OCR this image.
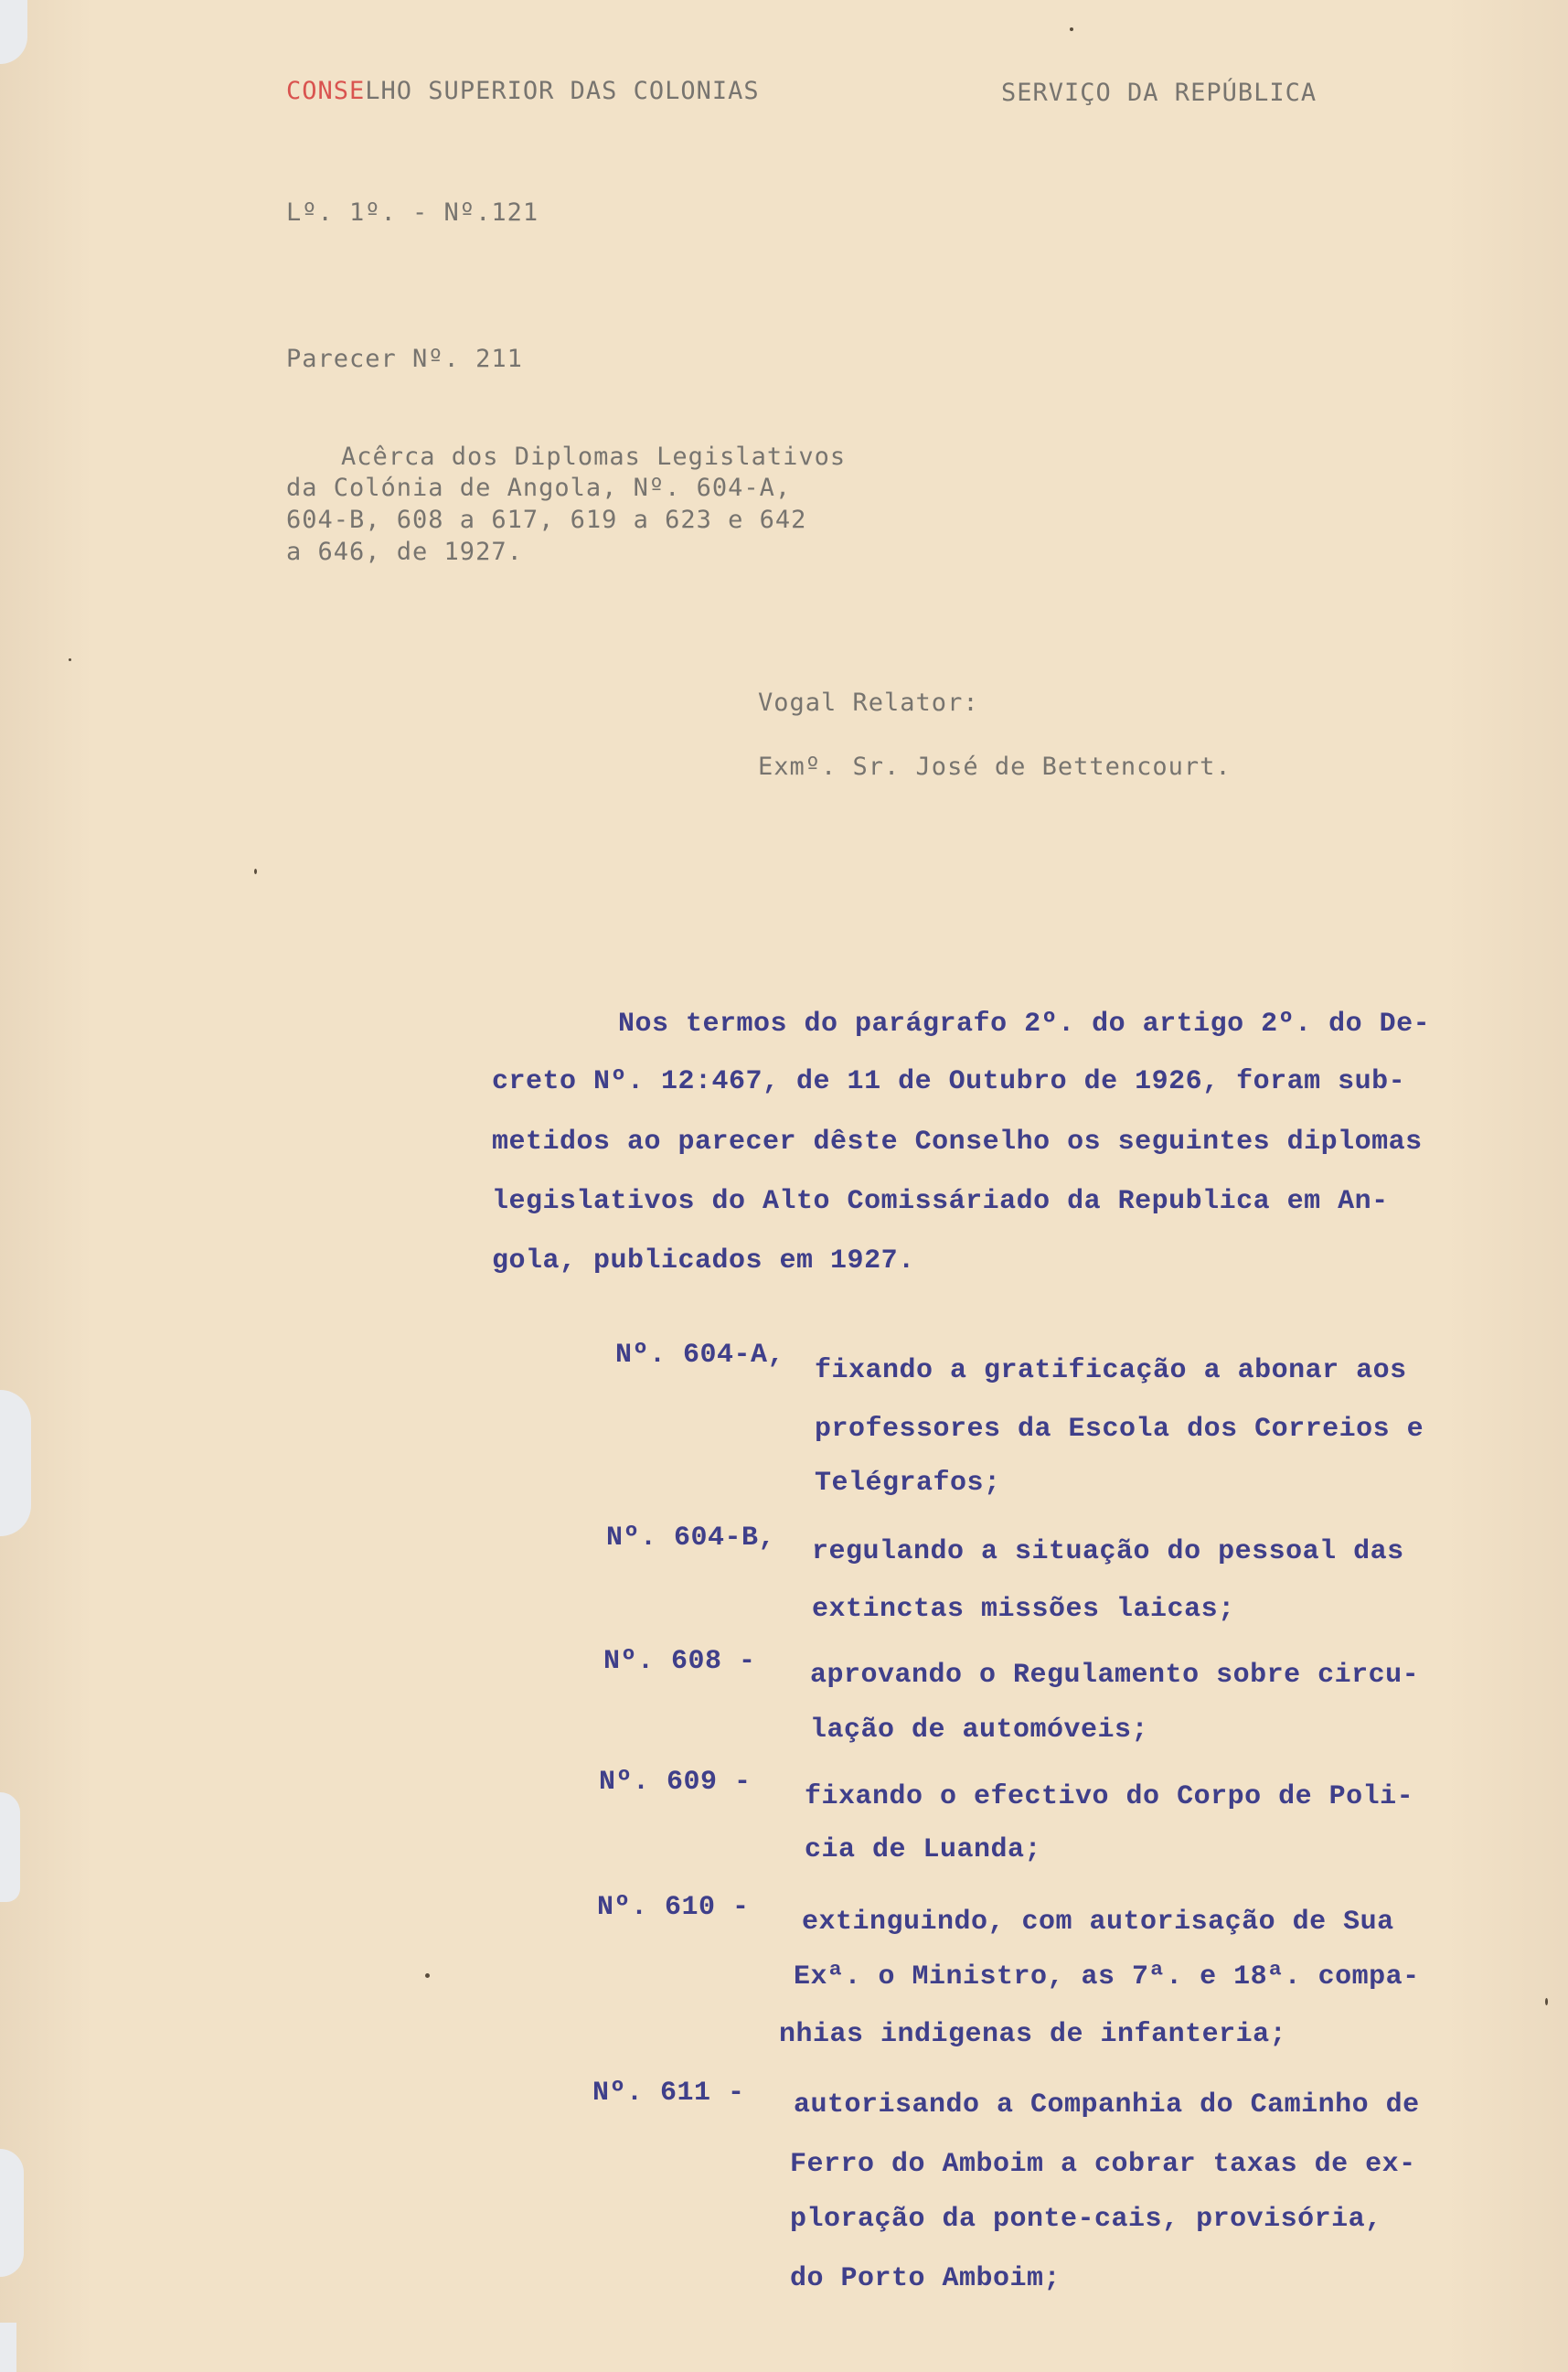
CONSELHO SUPERIOR DAS COLONIAS	SERVIÇO DA REPÚBLICA
Lº. 1º. - Nº.121
Parecer Nº. 211
Acêrca dos Diplomas Legislativos
da Colónia de Angola, Nº. 604-A,
604-B, 608 a 617, 619 a 623 e 642
a 646, de 1927.
Vogal Relator:
Exmº. Sr. José de Bettencourt.
Nos termos do parágrafo 2º. do artigo 2º. do De-
creto Nº. 12:467, de 11 de Outubro de 1926, foram sub-
metidos ao parecer dêste Conselho os seguintes diplomas
legislativos do Alto Comissáriado da Republica em An-
gola, publicados em 1927.
Nº. 604-A, fixando a gratificação a abonar aos
professores da Escola dos Correios e
Telégrafos;
Nº. 604-B, regulando a situação do pessoal das
extinctas missões laicas;
Nº. 608 - aprovando o Regulamento sobre circu-
lação de automóveis;
Nº. 609 - fixando o efectivo do Corpo de Poli-
cia de Luanda;
Nº. 610 - extinguindo, com autorisação de Sua
Exª. o Ministro, as 7ª. e 18ª. compa-
nhias indigenas de infanteria;
Nº. 611 - autorisando a Companhia do Caminho de
Ferro do Amboim a cobrar taxas de ex-
ploração da ponte-cais, provisória,
do Porto Amboim;
